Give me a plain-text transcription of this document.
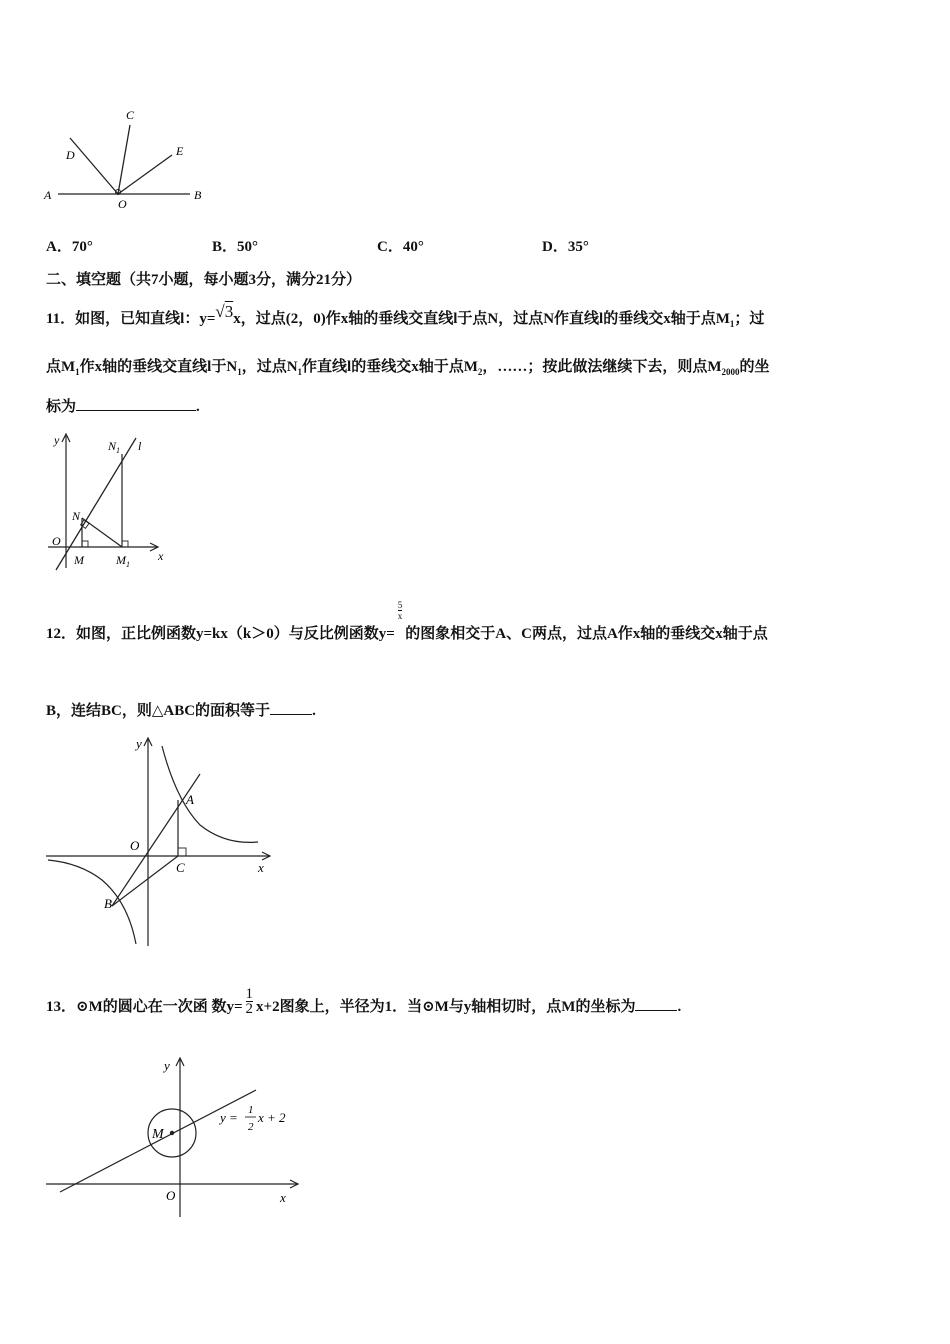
A	B
C
D	E
O
A．70°	B．50°	C．40°	D．35°
二、填空题（共7小题，每小题3分，满分21分）
11．如图，已知直线l：y=√3x，过点(2，0)作x轴的垂线交直线l于点N，过点N作直线l的垂线交x轴于点$M_1$；过
点$M_1$作x轴的垂线交直线l于$N_1$，过点$N_1$作直线l的垂线交x轴于点$M_2$，……；按此做法继续下去，则点$M_{2000}$的坐
标为	.
y	$N_1$ l
N
O
M	$M_1$
x
12．如图，正比例函数y=kx（k＞0）与反比例函数y=
$\frac{5}{x}$
的图象相交于A、C两点，过点A作x轴的垂线交x轴于点
B，连结BC，则△ABC的面积等于	.
y
A
O
C	x
B
13．⊙M的圆心在一次函 数$y= \frac{1}{2} x+2$图象上，半径为1．当⊙M与y轴相切时，点M的坐标为	.
y
M
y = 1
2
x + 2
O	x
